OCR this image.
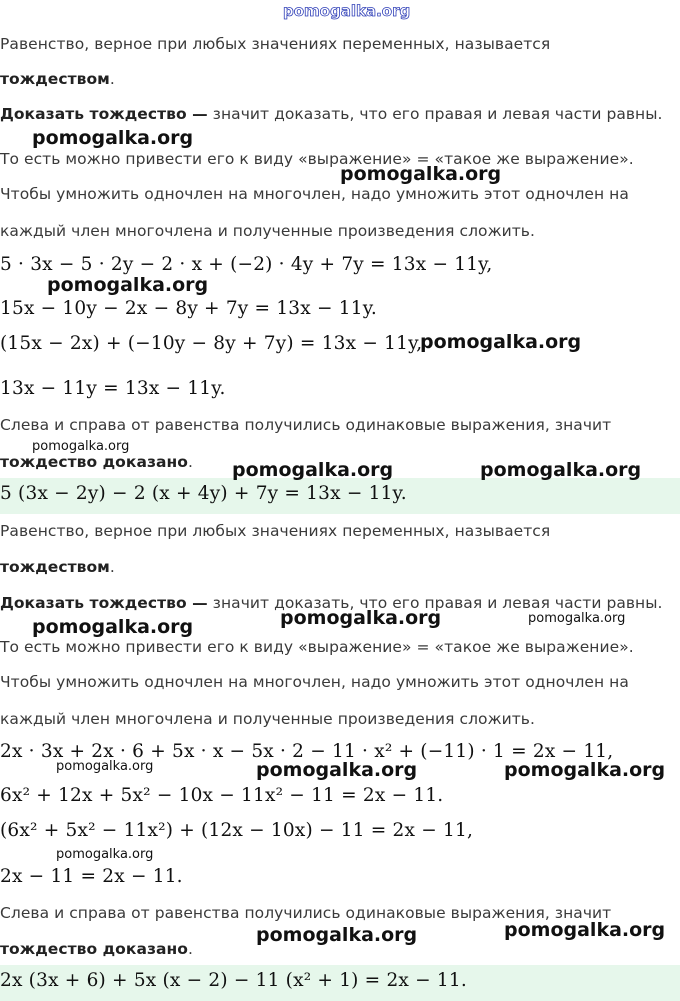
pomogalka.org
Равенство, верное при любых значениях переменных, называется
тождеством.
Доказать тождество — значит доказать, что его правая и левая части равны.
То есть можно привести его к виду «выражение» = «такое же выражение».
Чтобы умножить одночлен на многочлен, надо умножить этот одночлен на
каждый член многочлена и полученные произведения сложить.
5 · 3x − 5 · 2y − 2 · x + (−2) · 4y + 7y = 13x − 11y,
15x − 10y − 2x − 8y + 7y = 13x − 11y.
(15x − 2x) + (−10y − 8y + 7y) = 13x − 11y,
13x − 11y = 13x − 11y.
Слева и справа от равенства получились одинаковые выражения, значит
тождество доказано.
5 (3x − 2y) − 2 (x + 4y) + 7y = 13x − 11y.
Равенство, верное при любых значениях переменных, называется
тождеством.
Доказать тождество — значит доказать, что его правая и левая части равны.
То есть можно привести его к виду «выражение» = «такое же выражение».
Чтобы умножить одночлен на многочлен, надо умножить этот одночлен на
каждый член многочлена и полученные произведения сложить.
2x · 3x + 2x · 6 + 5x · x − 5x · 2 − 11 · x² + (−11) · 1 = 2x − 11,
6x² + 12x + 5x² − 10x − 11x² − 11 = 2x − 11.
(6x² + 5x² − 11x²) + (12x − 10x) − 11 = 2x − 11,
2x − 11 = 2x − 11.
Слева и справа от равенства получились одинаковые выражения, значит
тождество доказано.
2x (3x + 6) + 5x (x − 2) − 11 (x² + 1) = 2x − 11.
pomogalka.org
pomogalka.org
pomogalka.org
pomogalka.org
pomogalka.org
pomogalka.org	pomogalka.org
pomogalka.org	pomogalka.org	pomogalka.org
pomogalka.org	pomogalka.org	pomogalka.org
pomogalka.org
pomogalka.org	pomogalka.org
